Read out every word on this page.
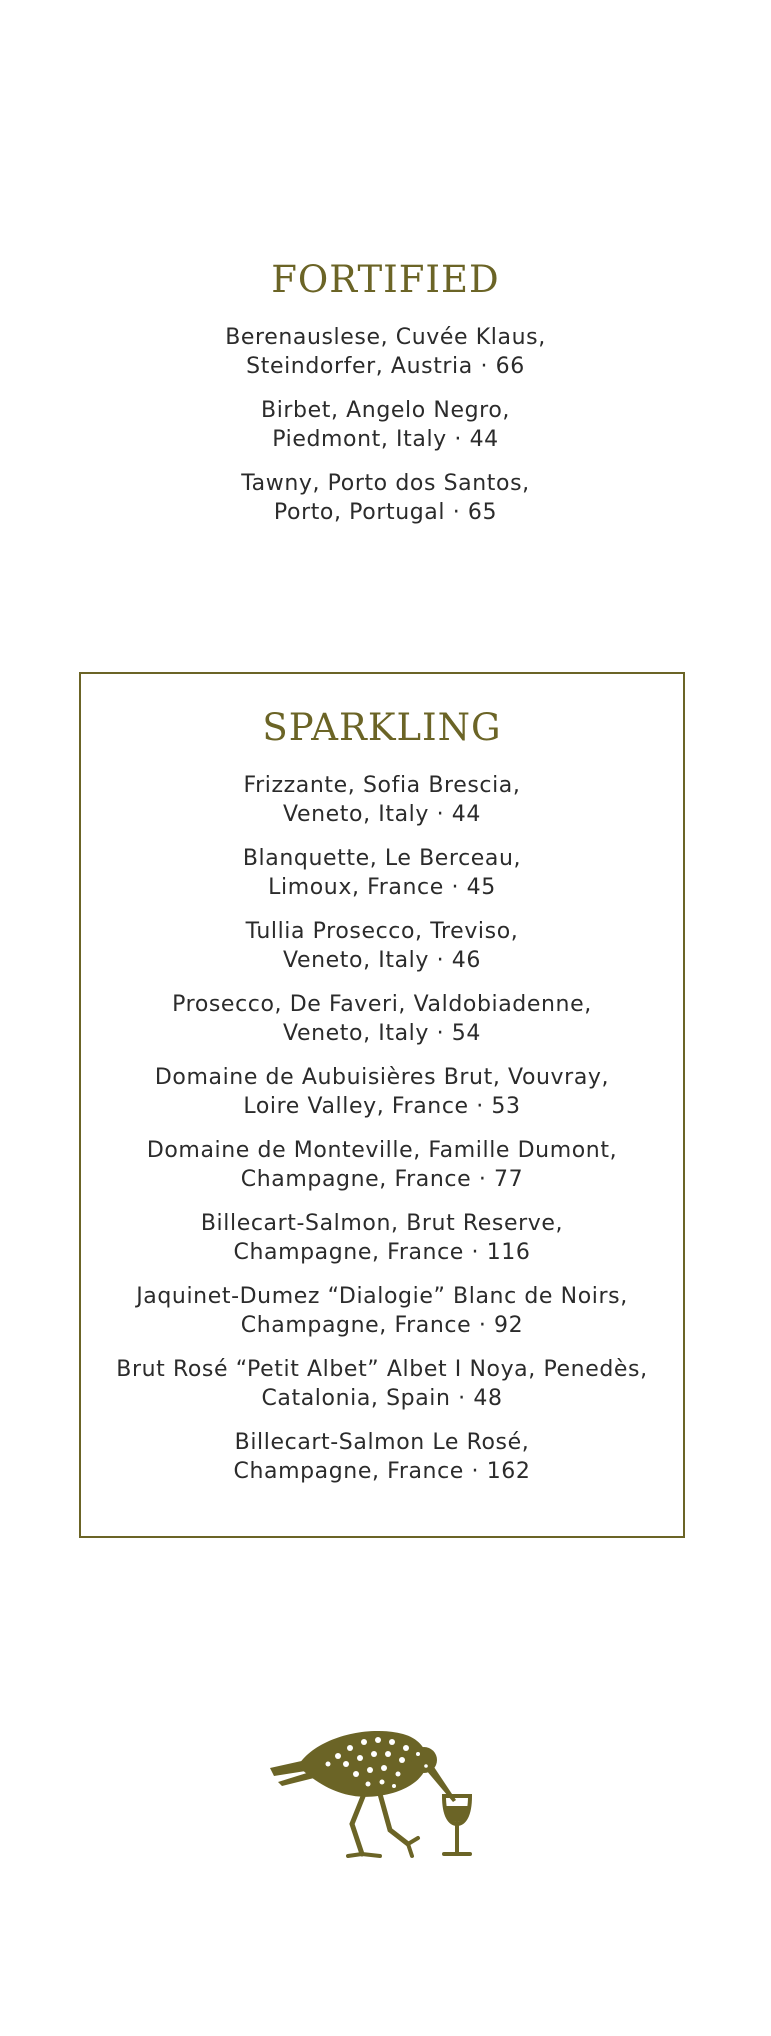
FORTIFIED
Berenauslese, Cuvée Klaus,
Steindorfer, Austria · 66
Birbet, Angelo Negro,
Piedmont, Italy · 44
Tawny, Porto dos Santos,
Porto, Portugal · 65
SPARKLING
Frizzante, Sofia Brescia,
Veneto, Italy · 44
Blanquette, Le Berceau,
Limoux, France · 45
Tullia Prosecco, Treviso,
Veneto, Italy · 46
Prosecco, De Faveri, Valdobiadenne,
Veneto, Italy · 54
Domaine de Aubuisières Brut, Vouvray,
Loire Valley, France · 53
Domaine de Monteville, Famille Dumont,
Champagne, France · 77
Billecart-Salmon, Brut Reserve,
Champagne, France · 116
Jaquinet-Dumez “Dialogie” Blanc de Noirs,
Champagne, France · 92
Brut Rosé “Petit Albet” Albet I Noya, Penedès,
Catalonia, Spain · 48
Billecart-Salmon Le Rosé,
Champagne, France · 162
